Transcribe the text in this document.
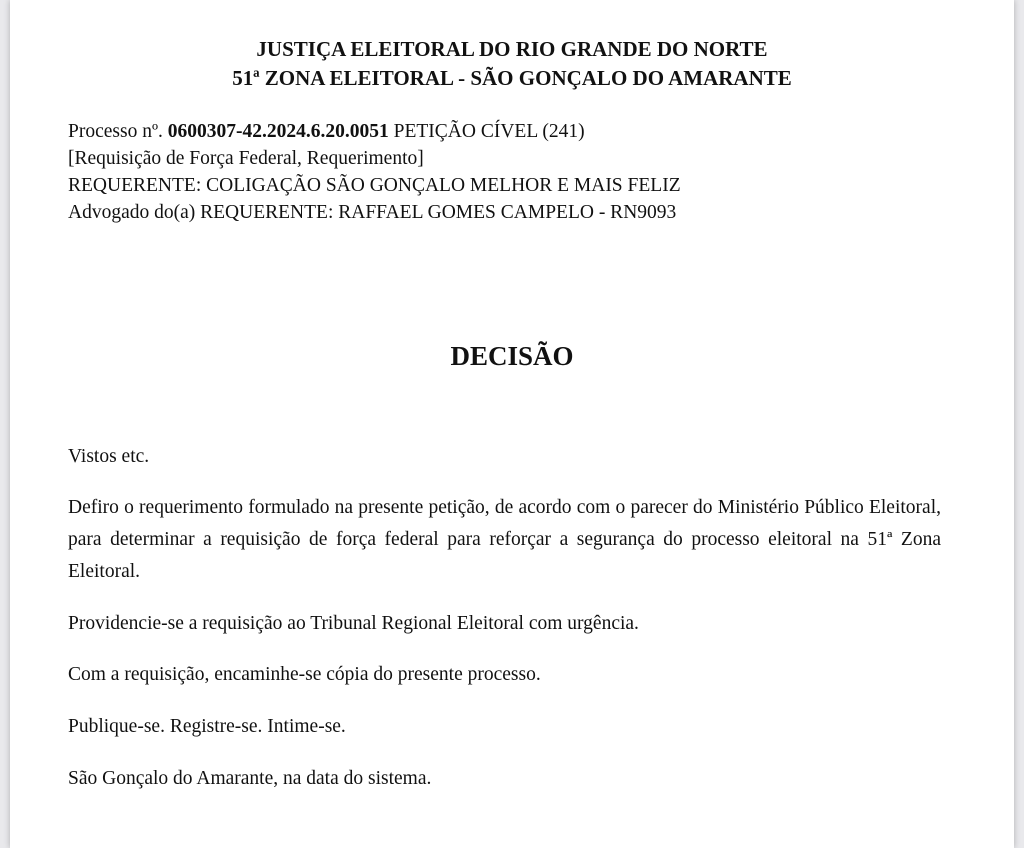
JUSTIÇA ELEITORAL DO RIO GRANDE DO NORTE
51ª ZONA ELEITORAL - SÃO GONÇALO DO AMARANTE
Processo nº. 0600307-42.2024.6.20.0051 PETIÇÃO CÍVEL (241)
[Requisição de Força Federal, Requerimento]
REQUERENTE: COLIGAÇÃO SÃO GONÇALO MELHOR E MAIS FELIZ
Advogado do(a) REQUERENTE: RAFFAEL GOMES CAMPELO - RN9093
DECISÃO
Vistos etc.
Defiro o requerimento formulado na presente petição, de acordo com o parecer do Ministério Público Eleitoral, para determinar a requisição de força federal para reforçar a segurança do processo eleitoral na 51ª Zona Eleitoral.
Providencie-se a requisição ao Tribunal Regional Eleitoral com urgência.
Com a requisição, encaminhe-se cópia do presente processo.
Publique-se. Registre-se. Intime-se.
São Gonçalo do Amarante, na data do sistema.
